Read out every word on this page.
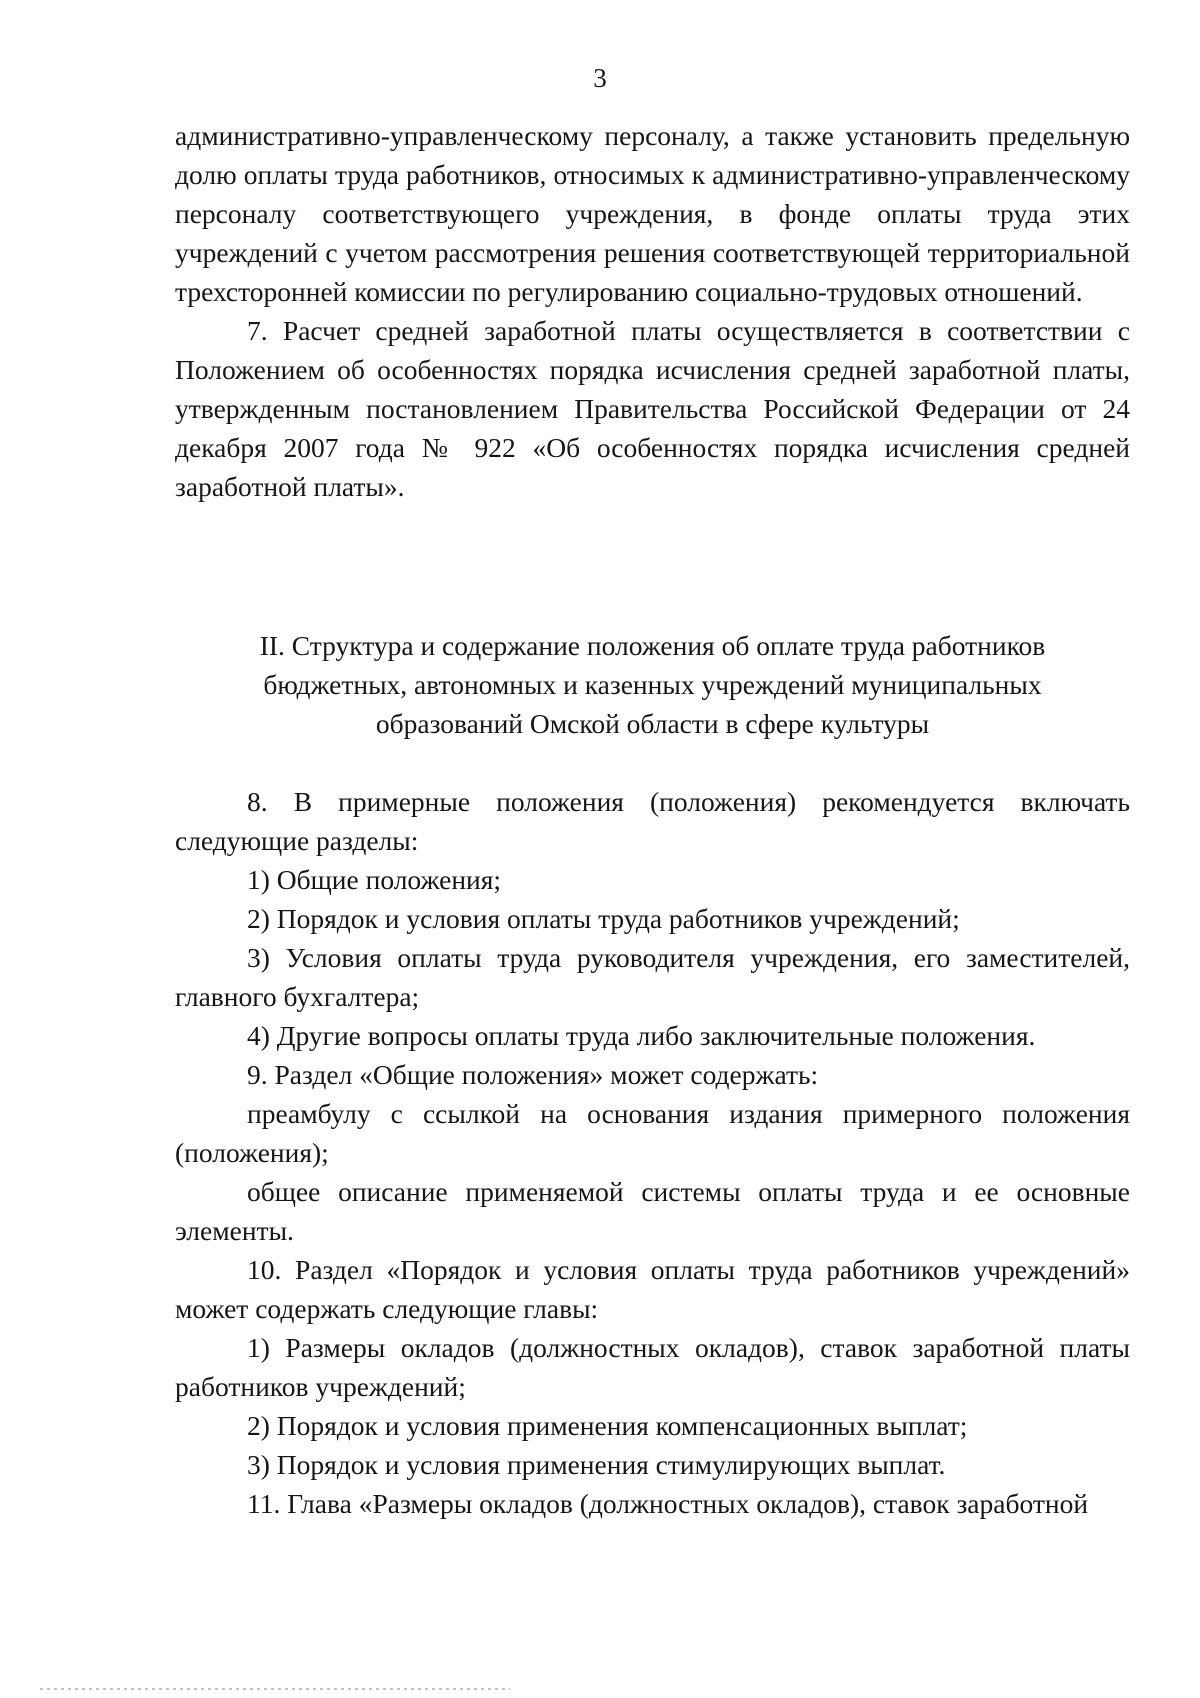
3

административно-управленческому персоналу, а также установить предельную долю оплаты труда работников, относимых к административно-управленческому персоналу соответствующего учреждения, в фонде оплаты труда этих учреждений с учетом рассмотрения решения соответствующей территориальной трехсторонней комиссии по регулированию социально-трудовых отношений.

7. Расчет средней заработной платы осуществляется в соответствии с Положением об особенностях порядка исчисления средней заработной платы, утвержденным постановлением Правительства Российской Федерации от 24 декабря 2007 года № 922 «Об особенностях порядка исчисления средней заработной платы».

II. Структура и содержание положения об оплате труда работников
бюджетных, автономных и казенных учреждений муниципальных
образований Омской области в сфере культуры

8. В примерные положения (положения) рекомендуется включать следующие разделы:

1) Общие положения;

2) Порядок и условия оплаты труда работников учреждений;

3) Условия оплаты труда руководителя учреждения, его заместителей, главного бухгалтера;

4) Другие вопросы оплаты труда либо заключительные положения.

9. Раздел «Общие положения» может содержать:

преамбулу с ссылкой на основания издания примерного положения (положения);

общее описание применяемой системы оплаты труда и ее основные элементы.

10. Раздел «Порядок и условия оплаты труда работников учреждений» может содержать следующие главы:

1) Размеры окладов (должностных окладов), ставок заработной платы работников учреждений;

2) Порядок и условия применения компенсационных выплат;

3) Порядок и условия применения стимулирующих выплат.

11. Глава «Размеры окладов (должностных окладов), ставок заработной
